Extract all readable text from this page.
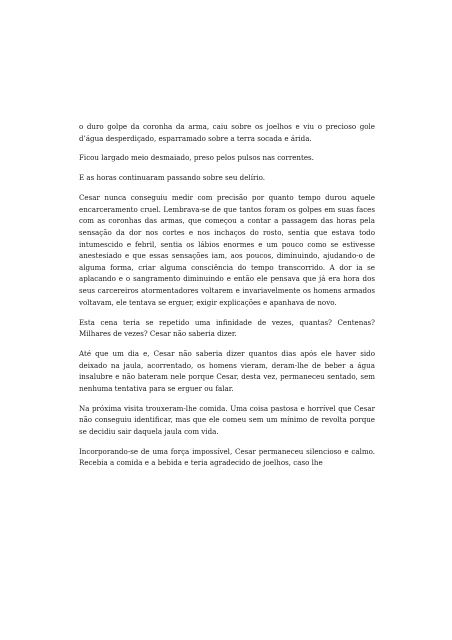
o duro golpe da coronha da arma, caiu sobre os joelhos e viu o precioso gole d’água desperdiçado, esparramado sobre a terra socada e árida.

Ficou largado meio desmaiado, preso pelos pulsos nas correntes.

E as horas continuaram passando sobre seu delírio.

Cesar nunca conseguiu medir com precisão por quanto tempo durou aquele encarceramento cruel. Lembrava-se de que tantos foram os golpes em suas faces com as coronhas das armas, que começou a contar a passagem das horas pela sensação da dor nos cortes e nos inchaços do rosto, sentia que estava todo intumescido e febril, sentia os lábios enormes e um pouco como se estivesse anestesiado e que essas sensações iam, aos poucos, diminuindo, ajudando-o de alguma forma, criar alguma consciência do tempo transcorrido. A dor ia se aplacando e o sangramento diminuindo e então ele pensava que já era hora dos seus carcereiros atormentadores voltarem e invariavelmente os homens armados voltavam, ele tentava se erguer, exigir explicações e apanhava de novo.

Esta cena teria se repetido uma infinidade de vezes, quantas? Centenas? Milhares de vezes? Cesar não saberia dizer.

Até que um dia e, Cesar não saberia dizer quantos dias após ele haver sido deixado na jaula, acorrentado, os homens vieram, deram-lhe de beber a água insalubre e não bateram nele porque Cesar, desta vez, permaneceu sentado, sem nenhuma tentativa para se erguer ou falar.

Na próxima visita trouxeram-lhe comida. Uma coisa pastosa e horrível que Cesar não conseguiu identificar, mas que ele comeu sem um mínimo de revolta porque se decidiu sair daquela jaula com vida.

Incorporando-se de uma força impossível, Cesar permaneceu silencioso e calmo. Recebia a comida e a bebida e teria agradecido de joelhos, caso lhe
